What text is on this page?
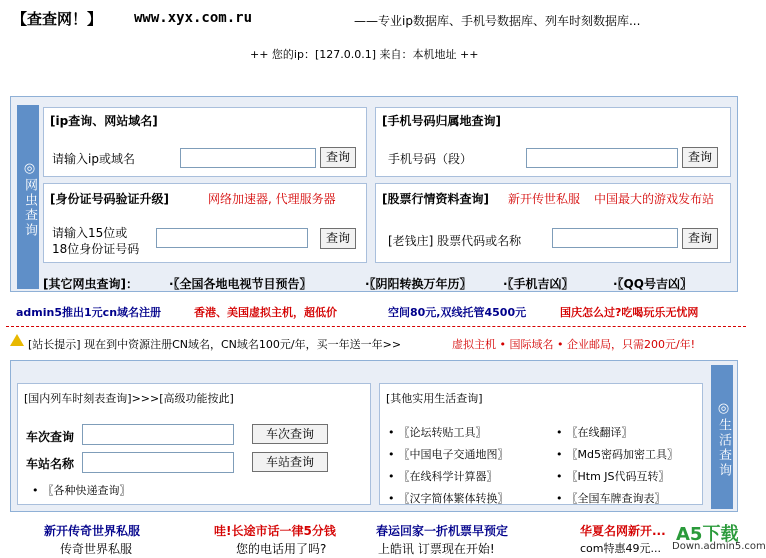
【查查网！】 www.xyx.com.ru	——专业ip数据库、手机号数据库、列车时刻数据库...
++ 您的ip：[127.0.0.1] 来自：本机地址 ++
◎网虫查询
[ip查询、网站域名]
请输入ip或域名	查询
[手机号码归属地查询]
手机号码（段）	查询
[身份证号码验证升级]	网络加速器, 代理服务器
请输入15位或
18位身份证号码
查询
[股票行情资料查询] 新开传世私服 中国最大的游戏发布站
[老钱庄] 股票代码或名称	查询
[其它网虫查询]：	·〖全国各地电视节目预告〗	·〖阴阳转换万年历〗	·〖手机吉凶〗	·〖QQ号吉凶〗
admin5推出1元cn域名注册	香港、美国虚拟主机，超低价	空间80元,双线托管4500元	国庆怎么过?吃喝玩乐无忧网
[站长提示] 现在到中资源注册CN域名，CN域名100元/年，买一年送一年>>	虚拟主机 • 国际域名 • 企业邮局，只需200元/年!
[国内列车时刻表查询]>>>[高级功能按此]
车次查询	车次查询
车站名称	车站查询
• 〖各种快递查询〗
[其他实用生活查询]
• 〖论坛转贴工具〗
• 〖中国电子交通地图〗
• 〖在线科学计算器〗
• 〖汉字简体繁体转换〗
• 〖在线翻译〗
• 〖Md5密码加密工具〗
• 〖Htm JS代码互转〗
• 〖全国车牌查询表〗
◎生活查询
新开传奇世界私服
传奇世界私服
哇!长途市话一律5分钱
您的电话用了吗?
春运回家一折机票早预定
上皓讯 订票现在开始!
华夏名网新开...
com特惠49元...
A5下载
Down.admin5.com
